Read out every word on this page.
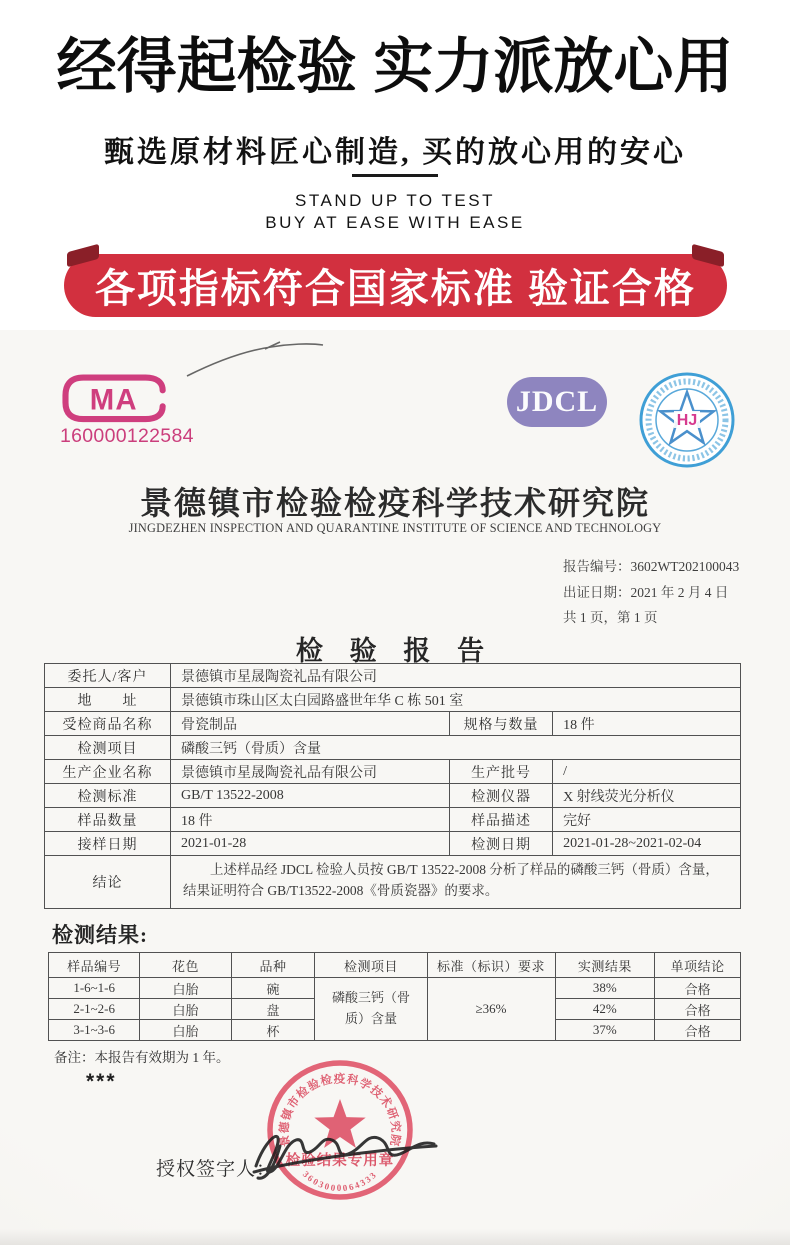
经得起检验 实力派放心用
甄选原材料匠心制造, 买的放心用的安心
STAND UP TO TEST
BUY AT EASE WITH EASE
各项指标符合国家标准 验证合格
MA
160000122584
JDCL
HJ
景德镇市检验检疫科学技术研究院
JINGDEZHEN INSPECTION AND QUARANTINE INSTITUTE OF SCIENCE AND TECHNOLOGY
报告编号：3602WT202100043
出证日期：2021 年 2 月 4 日
共 1 页，第 1 页
检 验 报 告
委托人/客户	景德镇市星晟陶瓷礼品有限公司		
地　　址	景德镇市珠山区太白园路盛世年华 C 栋 501 室		
受检商品名称	骨瓷制品	规格与数量	18 件
检测项目	磷酸三钙（骨质）含量		
生产企业名称	景德镇市星晟陶瓷礼品有限公司	生产批号	/
检测标准	GB/T 13522-2008	检测仪器	X 射线荧光分析仪
样品数量	18 件	样品描述	完好
接样日期	2021-01-28	检测日期	2021-01-28~2021-02-04
结论	上述样品经 JDCL 检验人员按 GB/T 13522-2008 分析了样品的磷酸三钙（骨质）含量，结果证明符合 GB/T13522-2008《骨质瓷器》的要求。		
检测结果:
样品编号	花色	品种	检测项目	标准（标识）要求	实测结果	单项结论
1-6~1-6	白胎	碗	磷酸三钙（骨质）含量	≥36%	38%	合格
2-1~2-6	白胎	盘			42%	合格
3-1~3-6	白胎	杯			37%	合格
备注：本报告有效期为 1 年。
***
授权签字人：
景德镇市检验检疫科学技术研究院
检验结果专用章
3603000064333
